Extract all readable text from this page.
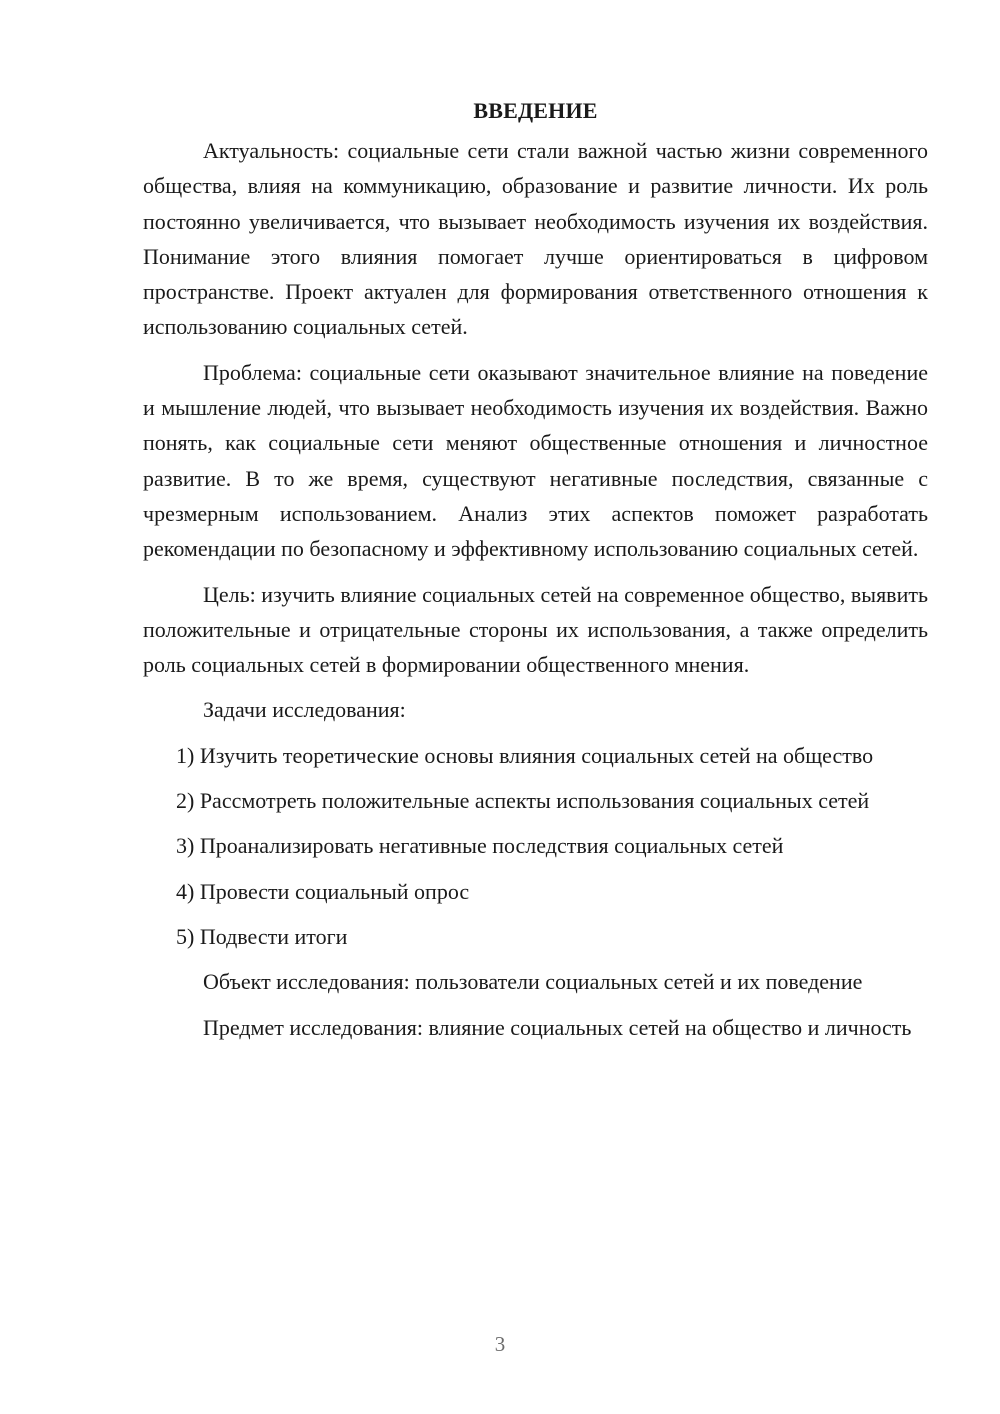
ВВЕДЕНИЕ

Актуальность: социальные сети стали важной частью жизни современного общества, влияя на коммуникацию, образование и развитие личности. Их роль постоянно увеличивается, что вызывает необходимость изучения их воздействия. Понимание этого влияния помогает лучше ориентироваться в цифровом пространстве. Проект актуален для формирования ответственного отношения к использованию социальных сетей.

Проблема: социальные сети оказывают значительное влияние на поведение и мышление людей, что вызывает необходимость изучения их воздействия. Важно понять, как социальные сети меняют общественные отношения и личностное развитие. В то же время, существуют негативные последствия, связанные с чрезмерным использованием. Анализ этих аспектов поможет разработать рекомендации по безопасному и эффективному использованию социальных сетей.

Цель: изучить влияние социальных сетей на современное общество, выявить положительные и отрицательные стороны их использования, а также определить роль социальных сетей в формировании общественного мнения.

Задачи исследования:

1) Изучить теоретические основы влияния социальных сетей на общество

2) Рассмотреть положительные аспекты использования социальных сетей

3) Проанализировать негативные последствия социальных сетей

4) Провести социальный опрос

5) Подвести итоги

Объект исследования: пользователи социальных сетей и их поведение

Предмет исследования: влияние социальных сетей на общество и личность

3
